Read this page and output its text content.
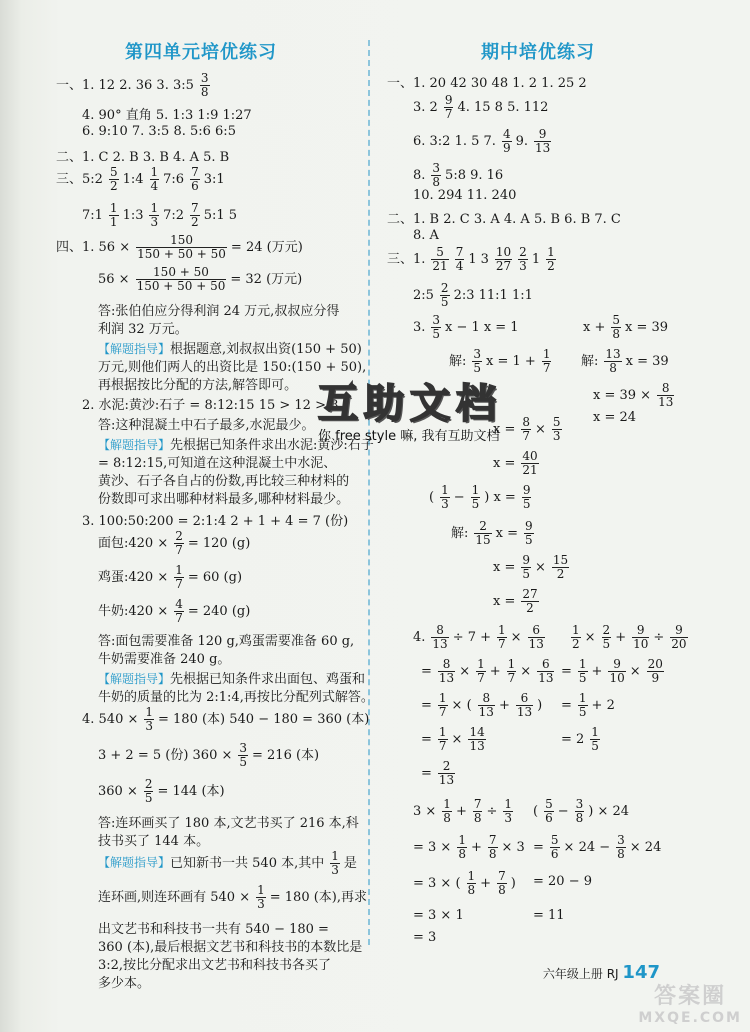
第四单元培优练习
一、1. 12 2. 36 3. 3:5 $\frac{3}{8}$
4. 90° 直角 5. 1:3 1:9 1:27
6. 9:10 7. 3:5 8. 5:6 6:5
二、1. C 2. B 3. B 4. A 5. B
三、5:2 $\frac{5}{2}$ 1:4 $\frac{1}{4}$ 7:6 $\frac{7}{6}$ 3:1
7:1 $\frac{1}{1}$ 1:3 $\frac{1}{3}$ 7:2 $\frac{7}{2}$ 5:1 5
四、1. $56 \times \frac{150}{150 + 50 + 50} = 24$ (万元)
$56 \times \frac{150 + 50}{150 + 50 + 50} = 32$ (万元)
答:张伯伯应分得利润 24 万元,叔叔应分得
利润 32 万元。
【解题指导】根据题意,刘叔叔出资(150 + 50)
万元,则他们两人的出资比是 150:(150 + 50),
再根据按比分配的方法,解答即可。
2. 水泥:黄沙:石子 = 8:12:15 15 > 12 > 8
答:这种混凝土中石子最多,水泥最少。
【解题指导】先根据已知条件求出水泥:黄沙:石子
= 8:12:15,可知道在这种混凝土中水泥、
黄沙、石子各自占的份数,再比较三种材料的
份数即可求出哪种材料最多,哪种材料最少。
3. 100:50:200 = 2:1:4 2 + 1 + 4 = 7 (份)
面包:420 × $\frac{2}{7} = 120$ (g)
鸡蛋:420 × $\frac{1}{7} = 60$ (g)
牛奶:420 × $\frac{4}{7} = 240$ (g)
答:面包需要准备 120 g,鸡蛋需要准备 60 g,
牛奶需要准备 240 g。
【解题指导】先根据已知条件求出面包、鸡蛋和
牛奶的质量的比为 2:1:4,再按比分配列式解答。
4. $540 \times \frac{1}{3} = 180$ (本) 540 − 180 = 360 (本)
3 + 2 = 5 (份) $360 \times \frac{3}{5} = 216$ (本)
$360 \times \frac{2}{5} = 144$ (本)
答:连环画买了 180 本,文艺书买了 216 本,科
技书买了 144 本。
【解题指导】已知新书一共 540 本,其中 $\frac{1}{3}$ 是
连环画,则连环画有 $540 \times \frac{1}{3} = 180$ (本),再求
出文艺书和科技书一共有 540 − 180 =
360 (本),最后根据文艺书和科技书的本数比是
3:2,按比分配求出文艺书和科技书各买了
多少本。
期中培优练习
一、1. 20 42 30 48 1. 2 1. 25 2
3. $2 \frac{9}{7} 4$. 15 8 5. 112
6. 3:2 1. 5 7. $\frac{4}{9} 9$. $\frac{9}{13}$
8. $\frac{3}{8}$ 5:8 9. 16
10. 294 11. 240
二、1. B 2. C 3. A 4. A 5. B 6. B 7. C
8. A
三、1. $\frac{5}{21} \frac{7}{4} 1$ $3 \frac{10}{27} \frac{2}{3} 1 \frac{1}{2}$
2:5 $\frac{2}{5}$ 2:3 11:1 1:1
3. $\frac{3}{5}$ x − 1 x = 1	$x + \frac{5}{8}$ x = 39
解: $\frac{3}{5}$ $x = 1 + \frac{1}{7}$ 解: $\frac{13}{8}$ x = 39
$x = 39 \times \frac{8}{13}$
x = 24
$x = \frac{8}{7} \times \frac{5}{3}$
$x = \frac{40}{21}$
( $\frac{1}{3} - \frac{1}{5}$ ) $x = \frac{9}{5}$
解: $\frac{2}{15}$ $x = \frac{9}{5}$
$x = \frac{9}{5} \times \frac{15}{2}$
$x = \frac{27}{2}$
4. $\frac{8}{13} \div 7 + \frac{1}{7} \times \frac{6}{13} \frac{1}{2} \times \frac{2}{5} + \frac{9}{10} \div \frac{9}{20}$
= $\frac{8}{13} \times \frac{1}{7} + \frac{1}{7} \times \frac{6}{13} = \frac{1}{5} + \frac{9}{10} \times \frac{20}{9}$
= $\frac{1}{7}$ × ( $\frac{8}{13} + \frac{6}{13}$ )	= $\frac{1}{5} + 2$
= $\frac{1}{7} \times \frac{14}{13}$	= $2 \frac{1}{5}$
= $\frac{2}{13}$
$3 \times \frac{1}{8} + \frac{7}{8} \div \frac{1}{3}$ ( $\frac{5}{6} - \frac{3}{8}$ ) × 24
= $3 \times \frac{1}{8} + \frac{7}{8} \times 3 = \frac{5}{6} \times 24 - \frac{3}{8} \times 24$
= 3 × ( $\frac{1}{8} + \frac{7}{8}$ )	= 20 − 9
= 3 × 1	= 11
= 3
互助文档
你 free style 嘛, 我有互助文档
六年级上册 RJ 147
答案圈
MXQE.COM
